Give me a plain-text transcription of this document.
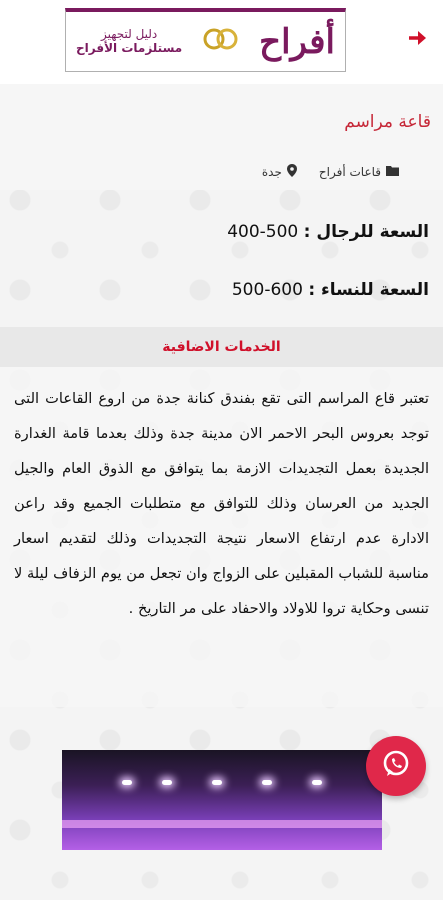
أفراح
دليل لتجهيز
مستلزمات الأفراح
قاعة مراسم
قاعات أفراح
جدة
السعة للرجال : 500-400
السعة للنساء : 600-500
الخدمات الاضافية

تعتبر قاع المراسم التى تقع بفندق كنانة جدة من اروع القاعات التى توجد بعروس البحر الاحمر الان مدينة جدة وذلك بعدما قامة الغدارة الجديدة بعمل التجديدات الازمة بما يتوافق مع الذوق العام والجيل الجديد من العرسان وذلك للتوافق مع متطلبات الجميع وقد راعن الادارة عدم ارتفاع الاسعار نتيجة التجديدات وذلك لتقديم اسعار مناسبة للشباب المقبلين على الزواج وان تجعل من يوم الزفاف ليلة لا تنسى وحكاية تروا للاولاد والاحفاد على مر التاريخ .
